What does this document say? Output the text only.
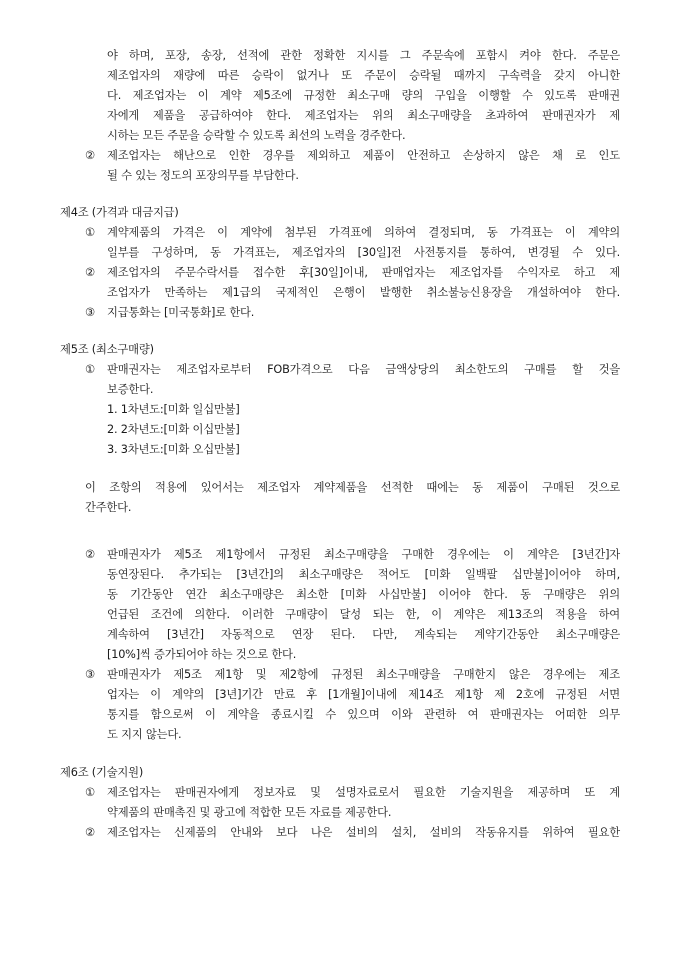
야 하며, 포장, 송장, 선적에 관한 정확한 지시를 그 주문속에 포함시 켜야 한다. 주문은
제조업자의 재량에 따른 승락이 없거나 또 주문이 승락될 때까지 구속력을 갖지 아니한
다. 제조업자는 이 계약 제5조에 규정한 최소구매 량의 구입을 이행할 수 있도록 판매권
자에게 제품을 공급하여야 한다. 제조업자는 위의 최소구매량을 초과하여 판매권자가 제
시하는 모든 주문을 승락할 수 있도록 최선의 노력을 경주한다.
② 제조업자는 해난으로 인한 경우를 제외하고 제품이 안전하고 손상하지 않은 채 로 인도
될 수 있는 정도의 포장의무를 부담한다.
제4조 (가격과 대금지급)
① 계약제품의 가격은 이 계약에 첨부된 가격표에 의하여 결정되며, 동 가격표는 이 계약의
일부를 구성하며, 동 가격표는, 제조업자의 [30일]전 사전통지를 통하여, 변경될 수 있다.
② 제조업자의 주문수락서를 접수한 후[30일]이내, 판매업자는 제조업자를 수익자로 하고 제
조업자가 만족하는 제1급의 국제적인 은행이 발행한 취소불능신용장을 개설하여야 한다.
③ 지급통화는 [미국통화]로 한다.
제5조 (최소구매량)
① 판매권자는 제조업자로부터 FOB가격으로 다음 금액상당의 최소한도의 구매를 할 것을
보증한다.
1. 1차년도:[미화 일십만불]
2. 2차년도:[미화 이십만불]
3. 3차년도:[미화 오십만불]
이 조항의 적용에 있어서는 제조업자 계약제품을 선적한 때에는 동 제품이 구매된 것으로
간주한다.
② 판매권자가 제5조 제1항에서 규정된 최소구매량을 구매한 경우에는 이 계약은 [3년간]자
동연장된다. 추가되는 [3년간]의 최소구매량은 적어도 [미화 일백팔 십만불]이어야 하며,
동 기간동안 연간 최소구매량은 최소한 [미화 사십만불] 이어야 한다. 동 구매량은 위의
언급된 조건에 의한다. 이러한 구매량이 달성 되는 한, 이 계약은 제13조의 적용을 하여
계속하여 [3년간] 자동적으로 연장 된다. 다만, 계속되는 계약기간동안 최소구매량은
[10%]씩 증가되어야 하는 것으로 한다.
③ 판매권자가 제5조 제1항 및 제2항에 규정된 최소구매량을 구매한지 않은 경우에는 제조
업자는 이 계약의 [3년]기간 만료 후 [1개월]이내에 제14조 제1항 제 2호에 규정된 서면
통지를 함으로써 이 계약을 종료시킬 수 있으며 이와 관련하 여 판매권자는 어떠한 의무
도 지지 않는다.
제6조 (기술지원)
① 제조업자는 판매권자에게 정보자료 및 설명자료로서 필요한 기술지원을 제공하며 또 계
약제품의 판매촉진 및 광고에 적합한 모든 자료를 제공한다.
② 제조업자는 신제품의 안내와 보다 나은 설비의 설치, 설비의 작동유지를 위하여 필요한
